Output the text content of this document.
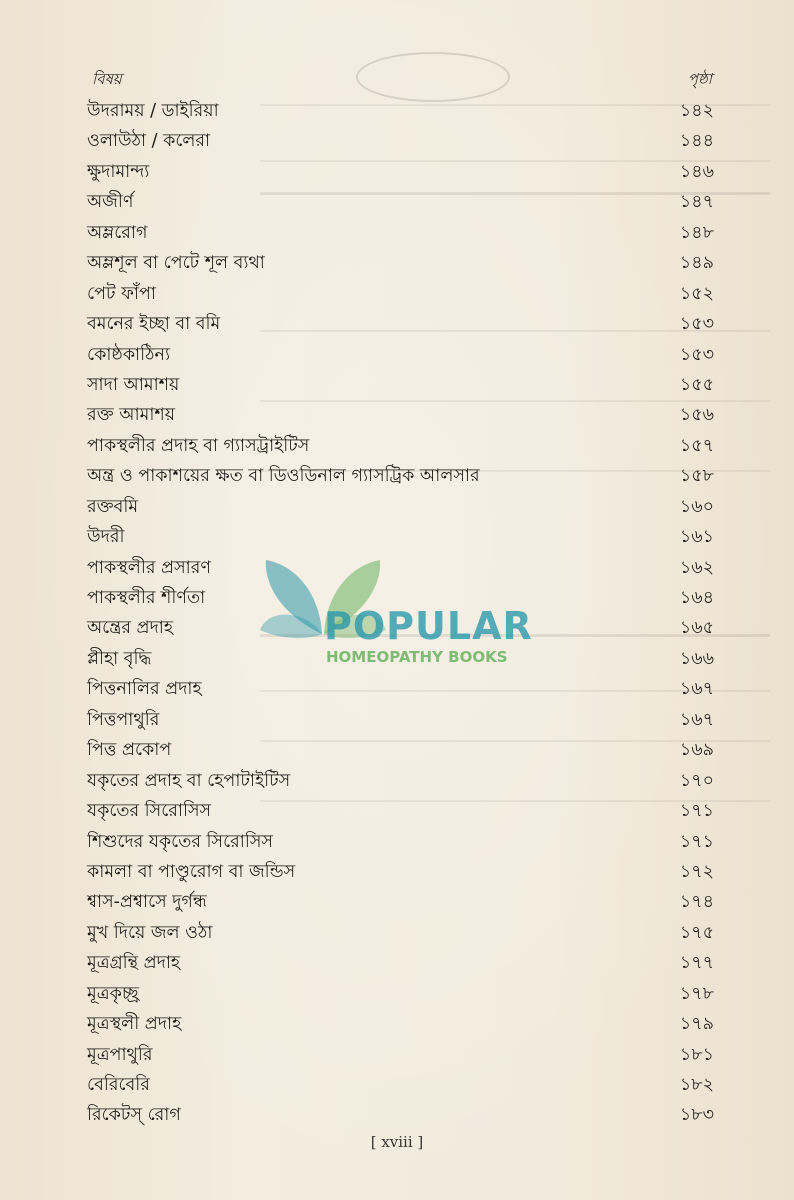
বিষয়	পৃষ্ঠা
উদরাময় / ডাইরিয়া	১৪২
ওলাউঠা / কলেরা	১৪৪
ক্ষুদামান্দ্য	১৪৬
অজীর্ণ	১৪৭
অম্লরোগ	১৪৮
অম্লশূল বা পেটে শূল ব্যথা	১৪৯
পেট ফাঁপা	১৫২
বমনের ইচ্ছা বা বমি	১৫৩
কোষ্ঠকাঠিন্য	১৫৩
সাদা আমাশয়	১৫৫
রক্ত আমাশয়	১৫৬
পাকস্থলীর প্রদাহ বা গ্যাসট্রাইটিস	১৫৭
অন্ত্র ও পাকাশয়ের ক্ষত বা ডিওডিনাল গ্যাসট্রিক আলসার	১৫৮
রক্তবমি	১৬০
উদরী	১৬১
পাকস্থলীর প্রসারণ	১৬২
পাকস্থলীর শীর্ণতা	১৬৪
অন্ত্রের প্রদাহ	১৬৫
প্লীহা বৃদ্ধি	১৬৬
পিত্তনালির প্রদাহ	১৬৭
পিত্তপাথুরি	১৬৭
পিত্ত প্রকোপ	১৬৯
যকৃতের প্রদাহ বা হেপাটাইটিস	১৭০
যকৃতের সিরোসিস	১৭১
শিশুদের যকৃতের সিরোসিস	১৭১
কামলা বা পাণ্ডুরোগ বা জন্ডিস	১৭২
শ্বাস-প্রশ্বাসে দুর্গন্ধ	১৭৪
মুখ দিয়ে জল ওঠা	১৭৫
মূত্রগ্রন্থি প্রদাহ	১৭৭
মূত্রকৃচ্ছ্র	১৭৮
মূত্রস্থলী প্রদাহ	১৭৯
মূত্রপাথুরি	১৮১
বেরিবেরি	১৮২
রিকেটস্ রোগ	১৮৩
POPULAR
HOMEOPATHY BOOKS
[ xviii ]
